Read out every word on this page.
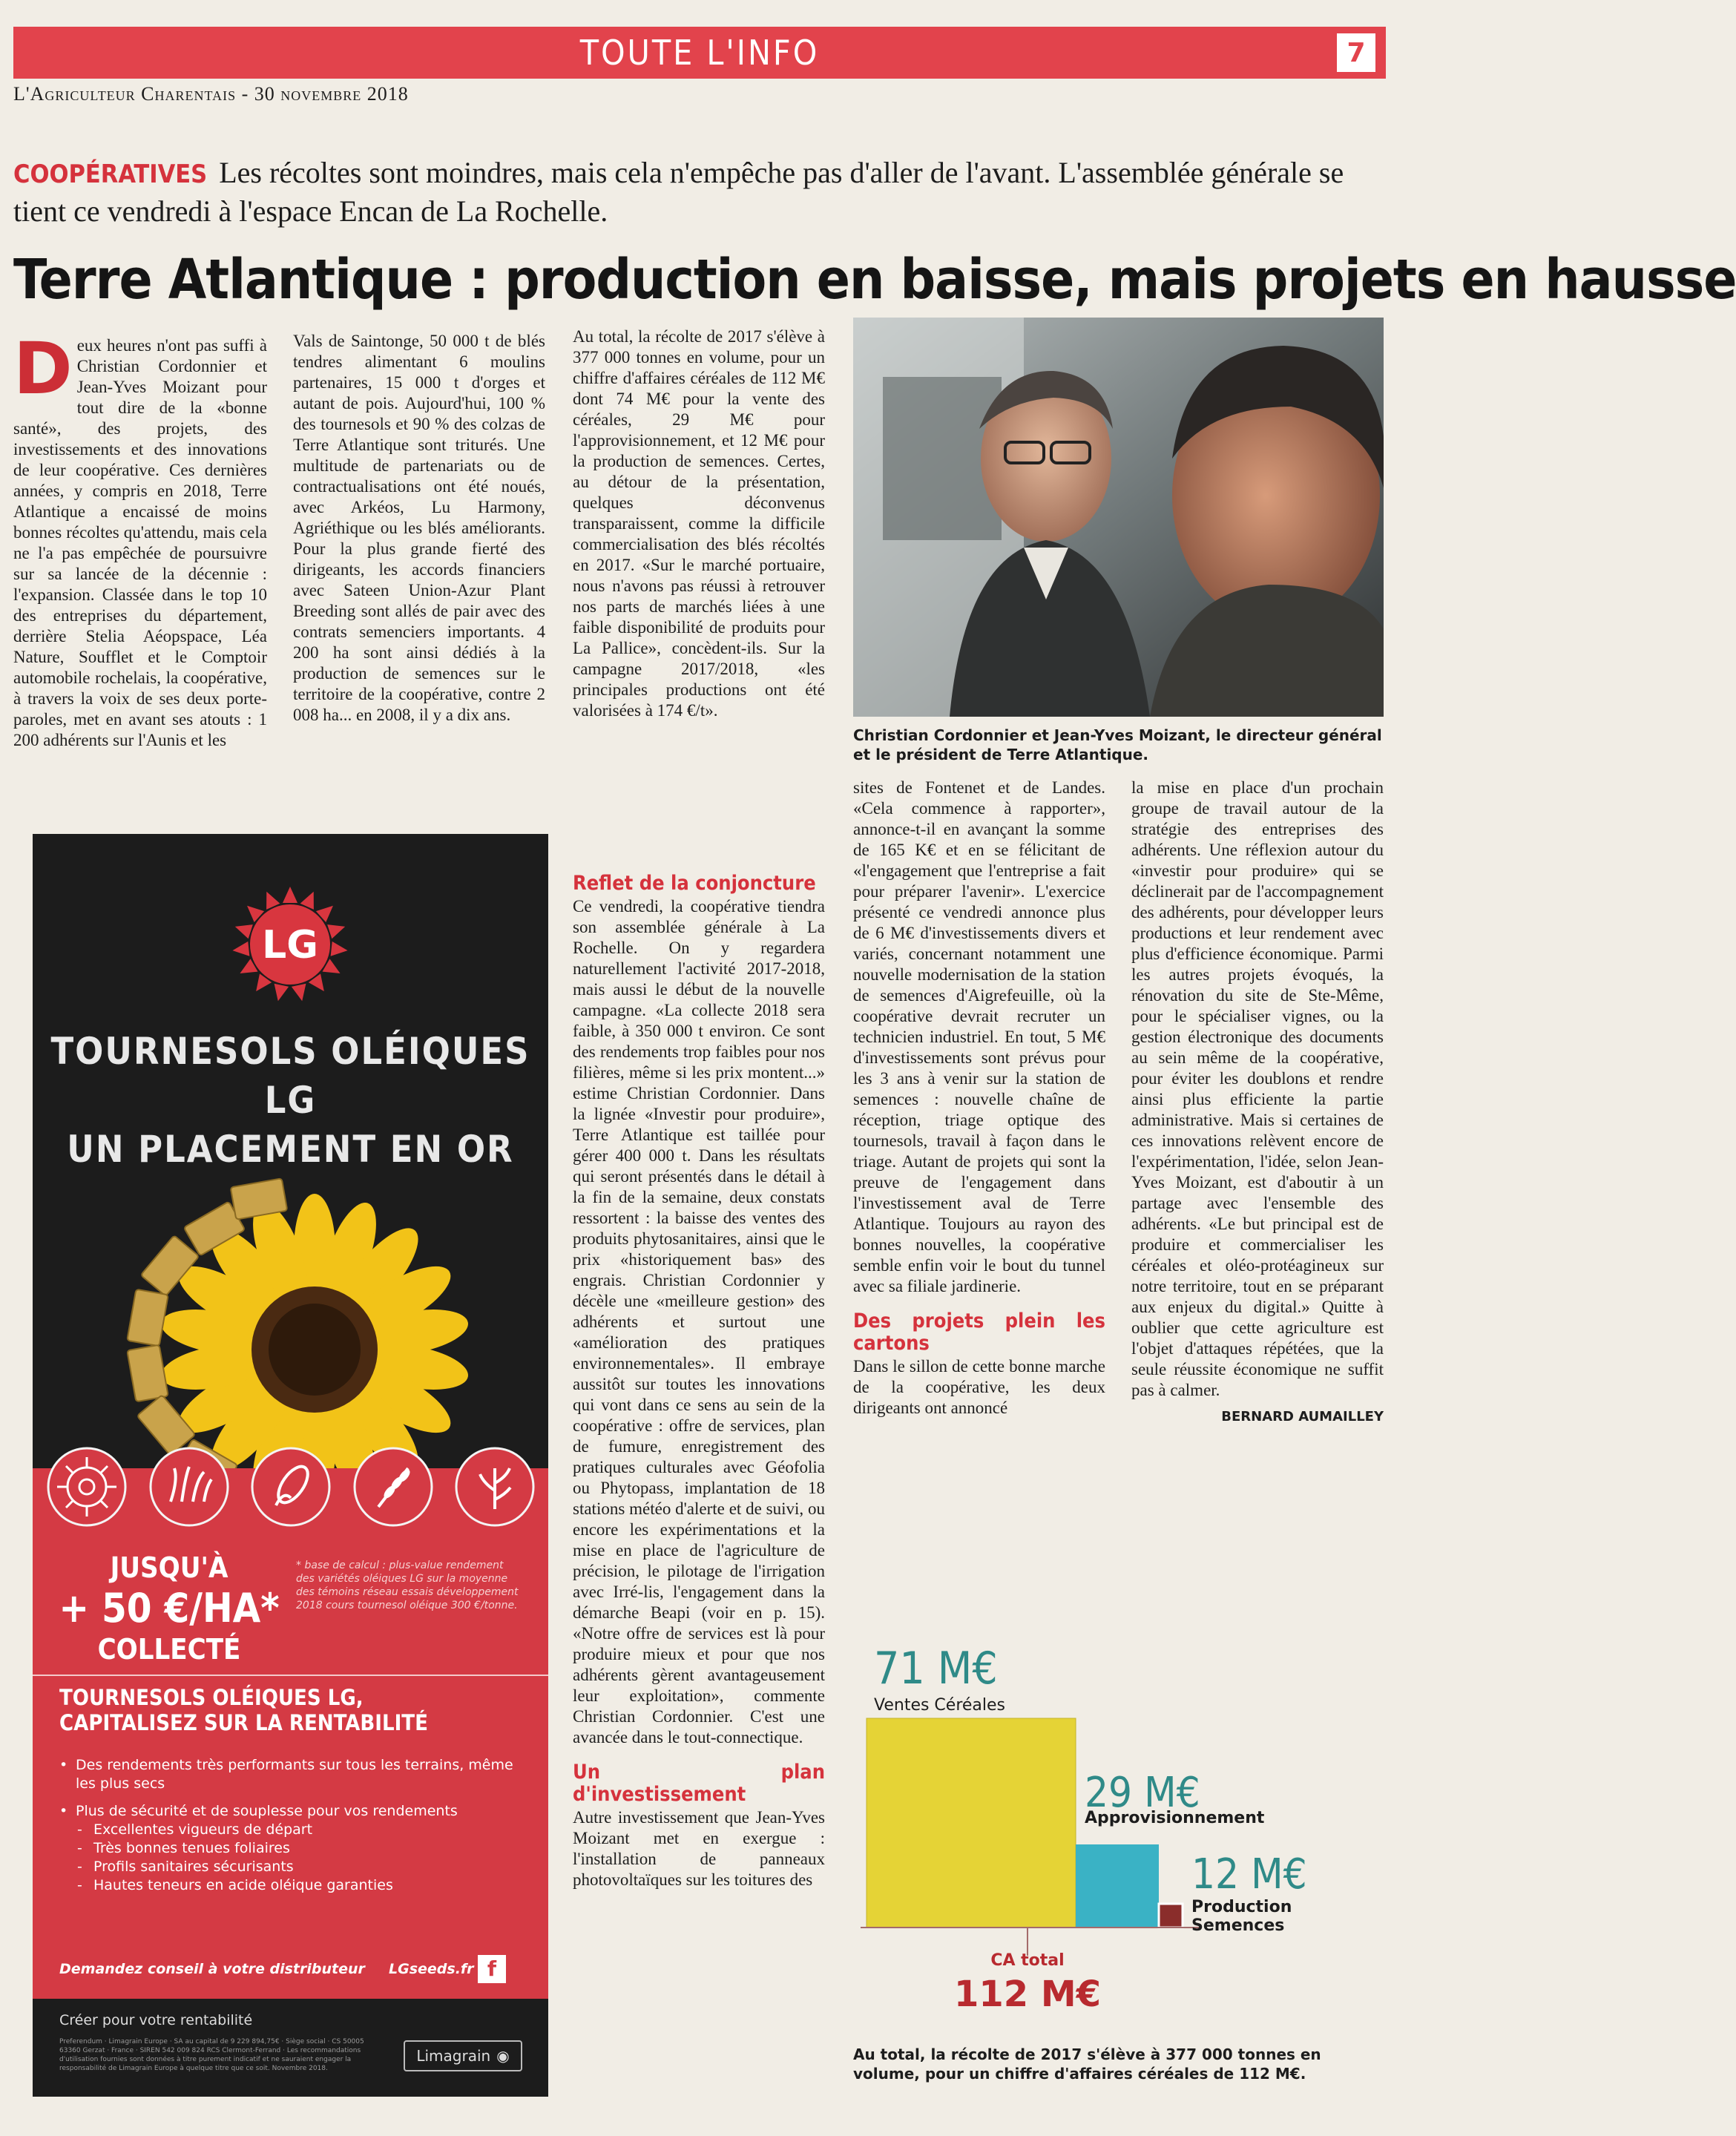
TOUTE L'INFO	7
L'Agriculteur Charentais - 30 novembre 2018
COOPÉRATIVES Les récoltes sont moindres, mais cela n'empêche pas d'aller de l'avant. L'assemblée générale se tient ce vendredi à l'espace Encan de La Rochelle.
Terre Atlantique : production en baisse, mais projets en hausse
D eux heures n'ont pas suffi à Christian Cordonnier et Jean-Yves Moizant pour tout dire de la «bonne santé», des projets, des investissements et des innovations de leur coopérative. Ces dernières années, y compris en 2018, Terre Atlantique a encaissé de moins bonnes récoltes qu'attendu, mais cela ne l'a pas empêchée de poursuivre sur sa lancée de la décennie : l'expansion. Classée dans le top 10 des entreprises du département, derrière Stelia Aéopspace, Léa Nature, Soufflet et le Comptoir automobile rochelais, la coopérative, à travers la voix de ses deux porte-paroles, met en avant ses atouts : 1 200 adhérents sur l'Aunis et les
Vals de Saintonge, 50 000 t de blés tendres alimentant 6 moulins partenaires, 15 000 t d'orges et autant de pois. Aujourd'hui, 100 % des tournesols et 90 % des colzas de Terre Atlantique sont triturés. Une multitude de partenariats ou de contractualisations ont été noués, avec Arkéos, Lu Harmony, Agriéthique ou les blés améliorants. Pour la plus grande fierté des dirigeants, les accords financiers avec Sateen Union-Azur Plant Breeding sont allés de pair avec des contrats semenciers importants. 4 200 ha sont ainsi dédiés à la production de semences sur le territoire de la coopérative, contre 2 008 ha... en 2008, il y a dix ans.
Au total, la récolte de 2017 s'élève à 377 000 tonnes en volume, pour un chiffre d'affaires céréales de 112 M€ dont 74 M€ pour la vente des céréales, 29 M€ pour l'approvisionnement, et 12 M€ pour la production de semences. Certes, au détour de la présentation, quelques déconvenus transparaissent, comme la difficile commercialisation des blés récoltés en 2017. «Sur le marché portuaire, nous n'avons pas réussi à retrouver nos parts de marchés liées à une faible disponibilité de produits pour La Pallice», concèdent-ils. Sur la campagne 2017/2018, «les principales productions ont été valorisées à 174 €/t».
Reflet de la conjoncture
Ce vendredi, la coopérative tiendra son assemblée générale à La Rochelle. On y regardera naturellement l'activité 2017-2018, mais aussi le début de la nouvelle campagne. «La collecte 2018 sera faible, à 350 000 t environ. Ce sont des rendements trop faibles pour nos filières, même si les prix montent...» estime Christian Cordonnier. Dans la lignée «Investir pour produire», Terre Atlantique est taillée pour gérer 400 000 t. Dans les résultats qui seront présentés dans le détail à la fin de la semaine, deux constats ressortent : la baisse des ventes des produits phytosanitaires, ainsi que le prix «historiquement bas» des engrais. Christian Cordonnier y décèle une «meilleure gestion» des adhérents et surtout une «amélioration des pratiques environnementales». Il embraye aussitôt sur toutes les innovations qui vont dans ce sens au sein de la coopérative : offre de services, plan de fumure, enregistrement des pratiques culturales avec Géofolia ou Phytopass, implantation de 18 stations météo d'alerte et de suivi, ou encore les expérimentations et la mise en place de l'agriculture de précision, le pilotage de l'irrigation avec Irré-lis, l'engagement dans la démarche Beapi (voir en p. 15). «Notre offre de services est là pour produire mieux et pour que nos adhérents gèrent avantageusement leur exploitation», commente Christian Cordonnier. C'est une avancée dans le tout-connectique.
Un plan d'investissement
Autre investissement que Jean-Yves Moizant met en exergue : l'installation de panneaux photovoltaïques sur les toitures des
Christian Cordonnier et Jean-Yves Moizant, le directeur général et le président de Terre Atlantique.
sites de Fontenet et de Landes. «Cela commence à rapporter», annonce-t-il en avançant la somme de 165 K€ et en se félicitant de «l'engagement que l'entreprise a fait pour préparer l'avenir». L'exercice présenté ce vendredi annonce plus de 6 M€ d'investissements divers et variés, concernant notamment une nouvelle modernisation de la station de semences d'Aigrefeuille, où la coopérative devrait recruter un technicien industriel. En tout, 5 M€ d'investissements sont prévus pour les 3 ans à venir sur la station de semences : nouvelle chaîne de réception, triage optique des tournesols, travail à façon dans le triage. Autant de projets qui sont la preuve de l'engagement dans l'investissement aval de Terre Atlantique. Toujours au rayon des bonnes nouvelles, la coopérative semble enfin voir le bout du tunnel avec sa filiale jardinerie.
Des projets plein les cartons
Dans le sillon de cette bonne marche de la coopérative, les deux dirigeants ont annoncé
la mise en place d'un prochain groupe de travail autour de la stratégie des entreprises des adhérents. Une réflexion autour du «investir pour produire» qui se déclinerait par de l'accompagnement des adhérents, pour développer leurs productions et leur rendement avec plus d'efficience économique. Parmi les autres projets évoqués, la rénovation du site de Ste-Même, pour le spécialiser vignes, ou la gestion électronique des documents au sein même de la coopérative, pour éviter les doublons et rendre ainsi plus efficiente la partie administrative. Mais si certaines de ces innovations relèvent encore de l'expérimentation, l'idée, selon Jean-Yves Moizant, est d'aboutir à un partage avec l'ensemble des adhérents. «Le but principal est de produire et commercialiser les céréales et oléo-protéagineux sur notre territoire, tout en se préparant aux enjeux du digital.» Quitte à oublier que cette agriculture est l'objet d'attaques répétées, que la seule réussite économique ne suffit pas à calmer.
BERNARD AUMAILLEY
LG
TOURNESOLS OLÉIQUES LG
UN PLACEMENT EN OR
JUSQU'À
+ 50 €/HA*
COLLECTÉ
* base de calcul : plus-value rendement des variétés oléiques LG sur la moyenne des témoins réseau essais développement 2018 cours tournesol oléique 300 €/tonne.
TOURNESOLS OLÉIQUES LG,
CAPITALISEZ SUR LA RENTABILITÉ
• Des rendements très performants sur tous les terrains, même les plus secs
• Plus de sécurité et de souplesse pour vos rendements
- Excellentes vigueurs de départ
- Très bonnes tenues foliaires
- Profils sanitaires sécurisants
- Hautes teneurs en acide oléique garanties
Demandez conseil à votre distributeur LGseeds.fr f
Créer pour votre rentabilité
Preferendum · Limagrain Europe · SA au capital de 9 229 894,75€ · Siège social · CS 50005 63360 Gerzat · France · SIREN 542 009 824 RCS Clermont-Ferrand · Les recommandations d'utilisation fournies sont données à titre purement indicatif et ne sauraient engager la responsabilité de Limagrain Europe à quelque titre que ce soit. Novembre 2018.
Limagrain ◉
71 M€
Ventes Céréales
29 M€
Approvisionnement
12 M€
Production Semences
CA total
112 M€
Au total, la récolte de 2017 s'élève à 377 000 tonnes en volume, pour un chiffre d'affaires céréales de 112 M€.
